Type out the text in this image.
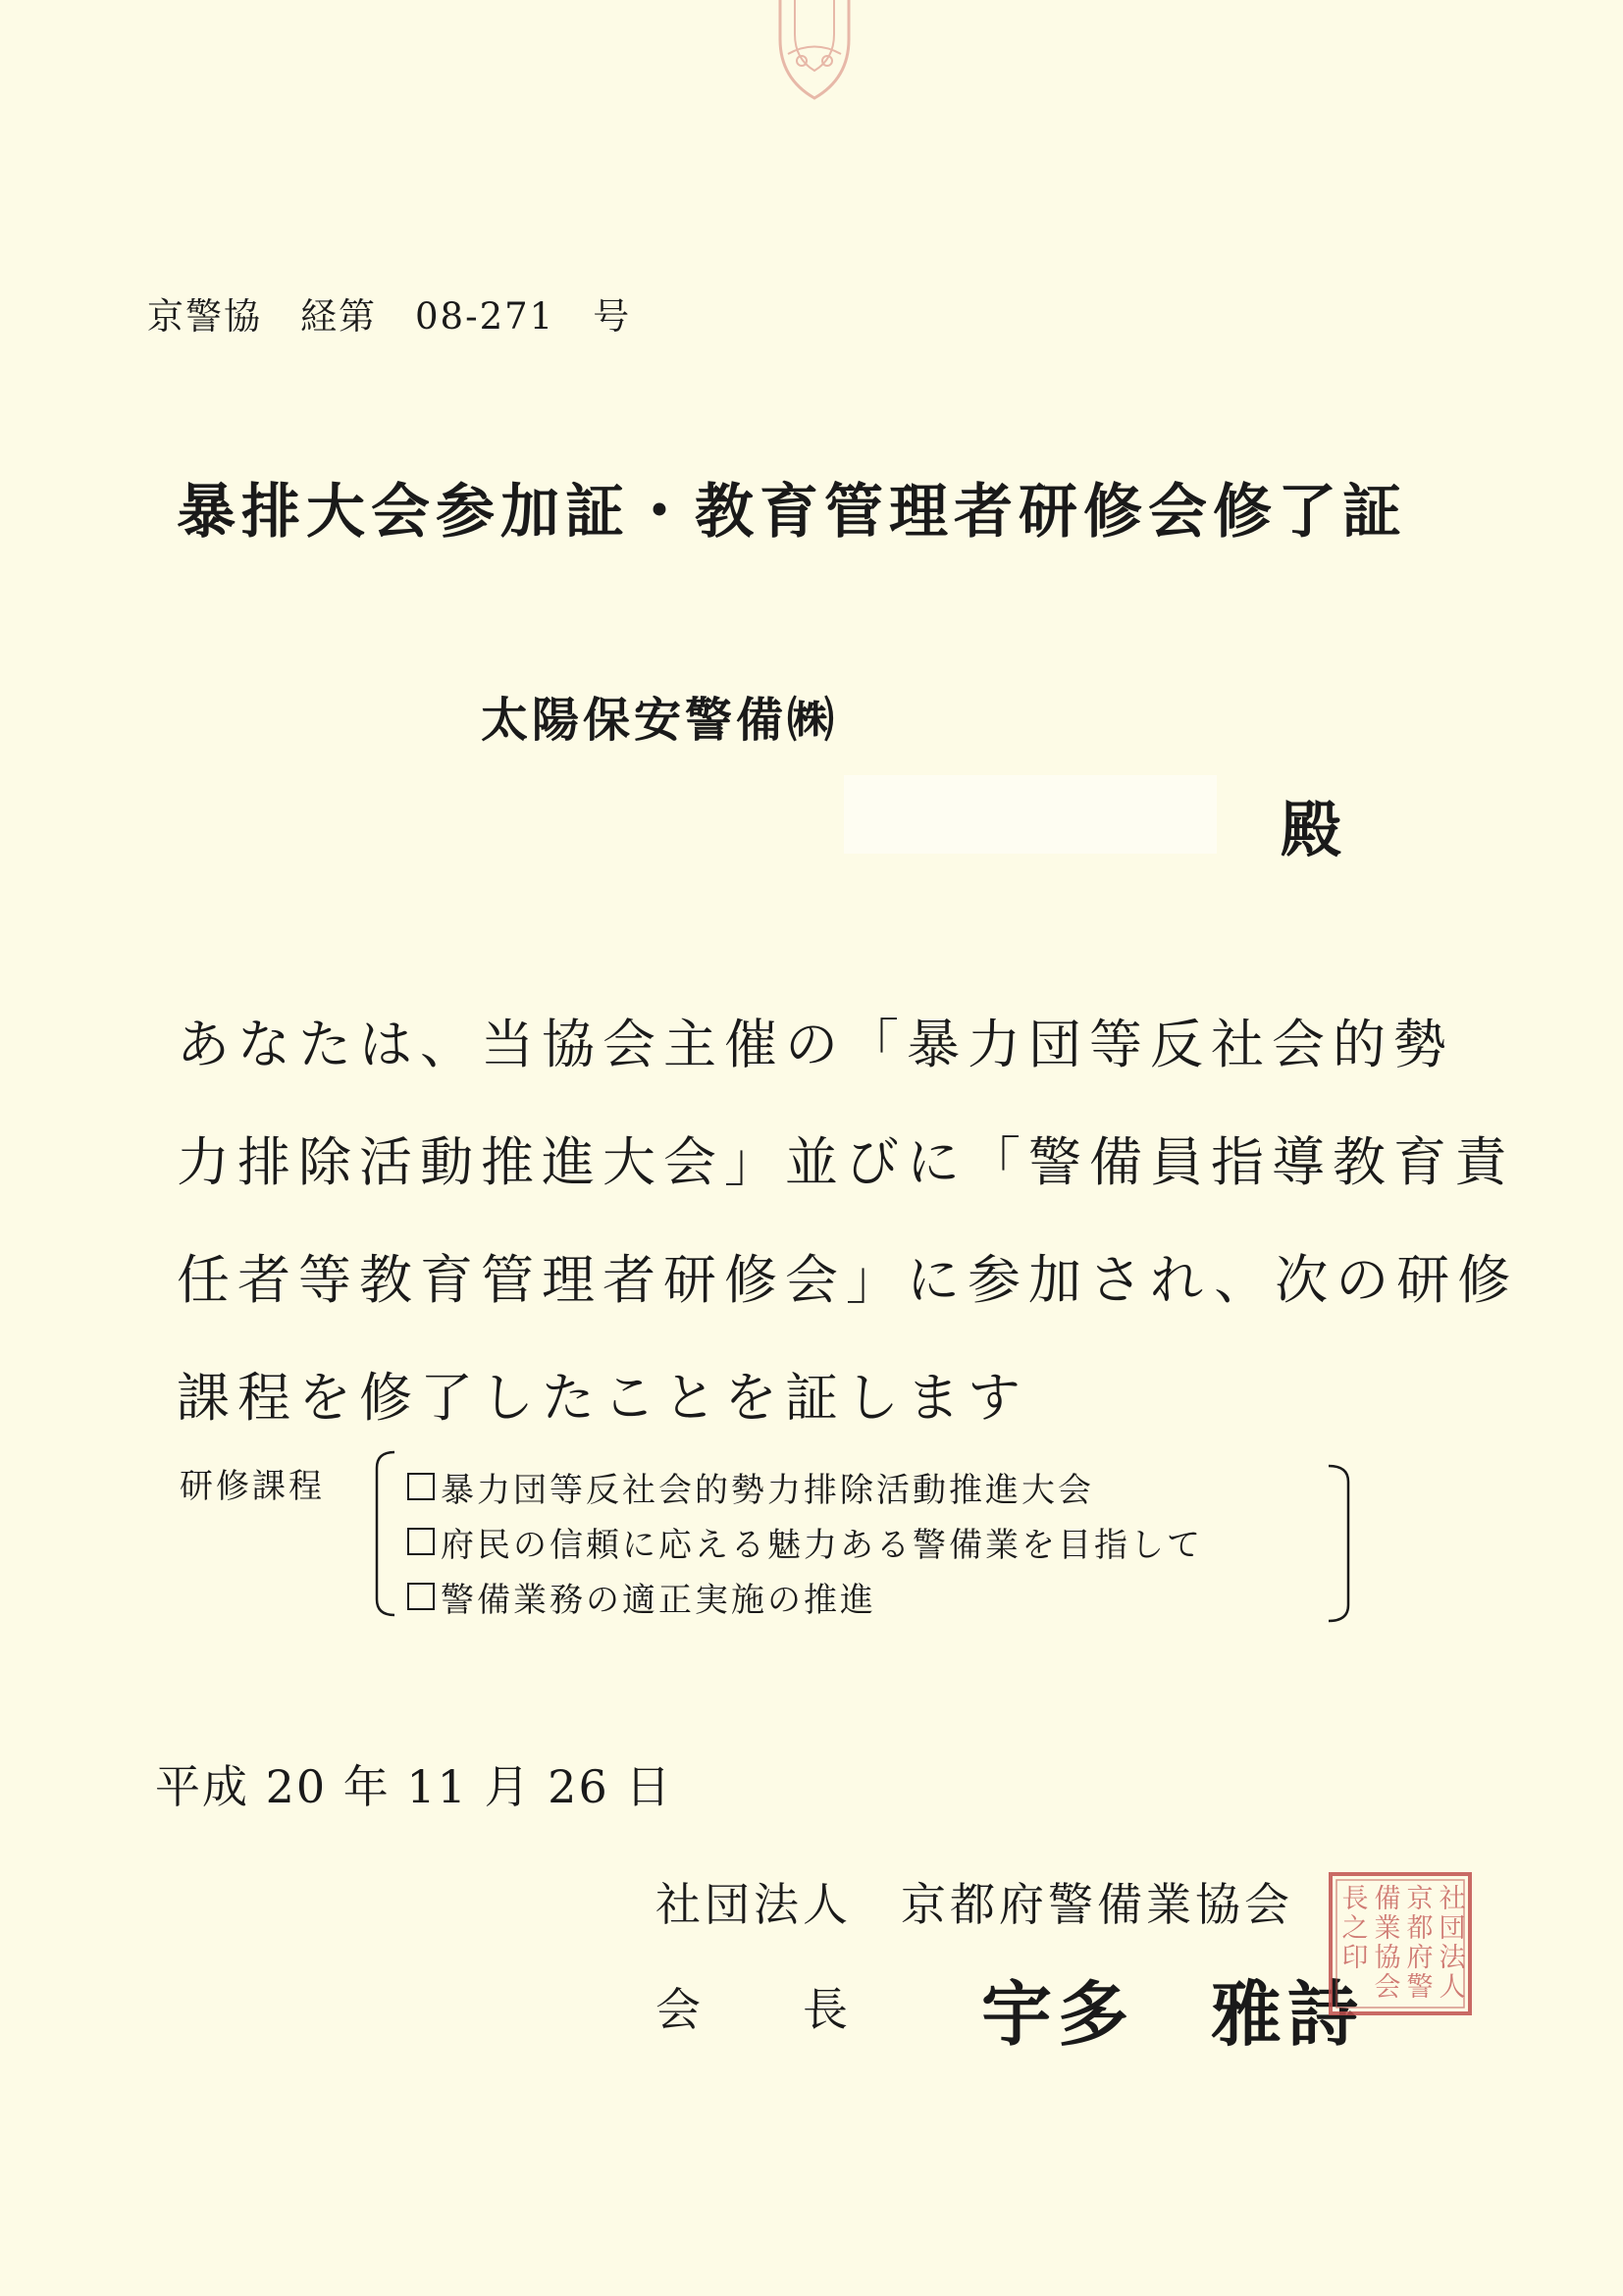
京警協　経第　08-271　号
暴排大会参加証・教育管理者研修会修了証
太陽保安警備㈱
殿

あなたは、当協会主催の「暴力団等反社会的勢
力排除活動推進大会」並びに「警備員指導教育責
任者等教育管理者研修会」に参加され、次の研修
課程を修了したことを証します

研修課程	暴力団等反社会的勢力排除活動推進大会
府民の信頼に応える魅力ある警備業を目指して
警備業務の適正実施の推進
平成 20 年 11 月 26 日
社団法人　京都府警備業協会
会　　長 宇多　雅詩
社
団
法
人
京
都
府
警
備
業
協
会
長
之
印
